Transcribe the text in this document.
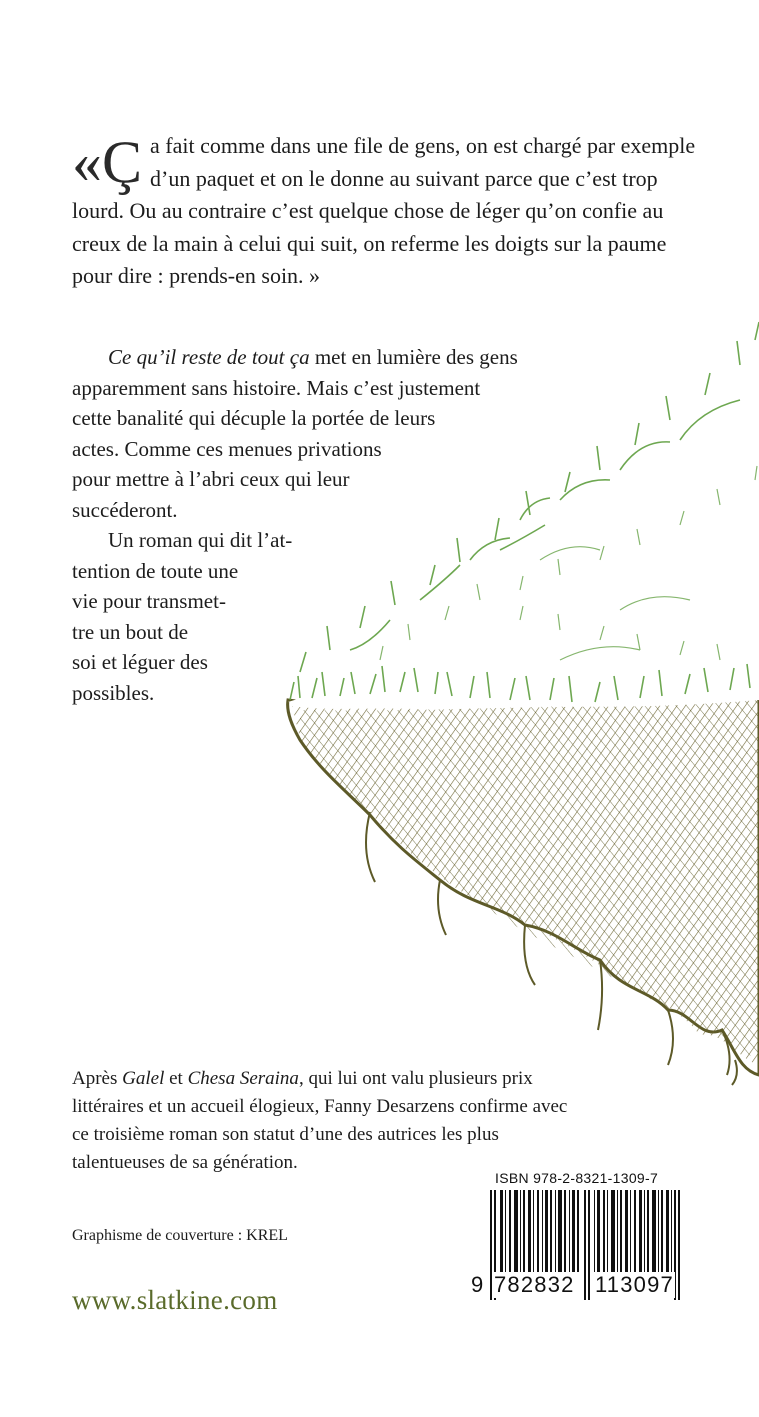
«Ç a fait comme dans une file de gens, on est chargé par exemple d’un paquet et on le donne au suivant parce que c’est trop lourd. Ou au contraire c’est quelque chose de léger qu’on confie au creux de la main à celui qui suit, on referme les doigts sur la paume pour dire : prends-en soin. »
Ce qu’il reste de tout ça met en lumière des gens
apparemment sans histoire. Mais c’est justement
cette banalité qui décuple la portée de leurs
actes. Comme ces menues privations
pour mettre à l’abri ceux qui leur
succéderont.
Un roman qui dit l’at-
tention de toute une
vie pour transmet-
tre un bout de
soi et léguer des
possibles.
Après Galel et Chesa Seraina, qui lui ont valu plusieurs prix
littéraires et un accueil élogieux, Fanny Desarzens confirme avec
ce troisième roman son statut d’une des autrices les plus
talentueuses de sa génération.
Graphisme de couverture : KREL
www.slatkine.com
ISBN 978-2-8321-1309-7
9 782832 113097
